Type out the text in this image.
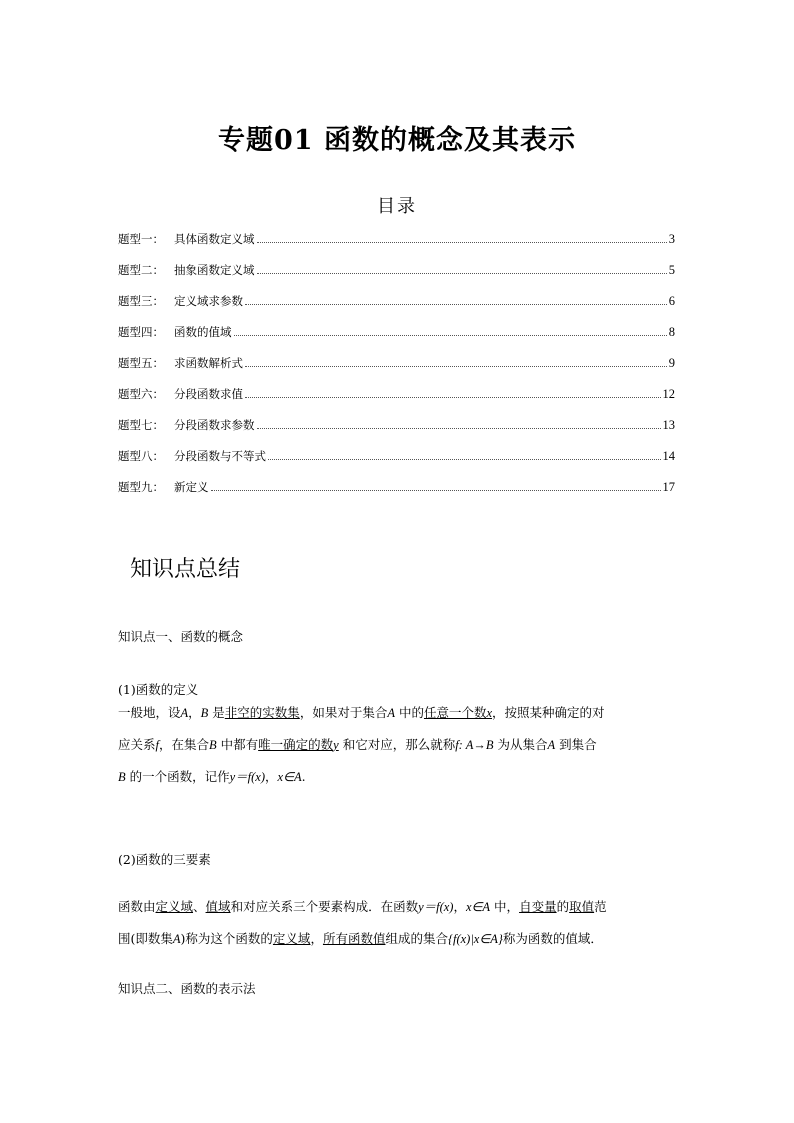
专题01 函数的概念及其表示
目录
题型一： 具体函数定义域	3
题型二： 抽象函数定义域	5
题型三： 定义域求参数	6
题型四： 函数的值域	8
题型五： 求函数解析式	9
题型六： 分段函数求值	12
题型七： 分段函数求参数	13
题型八： 分段函数与不等式	14
题型九： 新定义	17
知识点总结
知识点一、函数的概念
(1)函数的定义

一般地，设A，B 是非空的实数集，如果对于集合A 中的任意一个数x，按照某种确定的对

应关系f，在集合B 中都有唯一确定的数y 和它对应，那么就称f: A→B 为从集合A 到集合

B 的一个函数，记作y＝f(x)，x∈A.

(2)函数的三要素

函数由定义域、值域和对应关系三个要素构成．在函数y＝f(x)，x∈A 中，自变量的取值范

围(即数集A)称为这个函数的定义域，所有函数值组成的集合{f(x)|x∈A}称为函数的值域．

知识点二、函数的表示法
